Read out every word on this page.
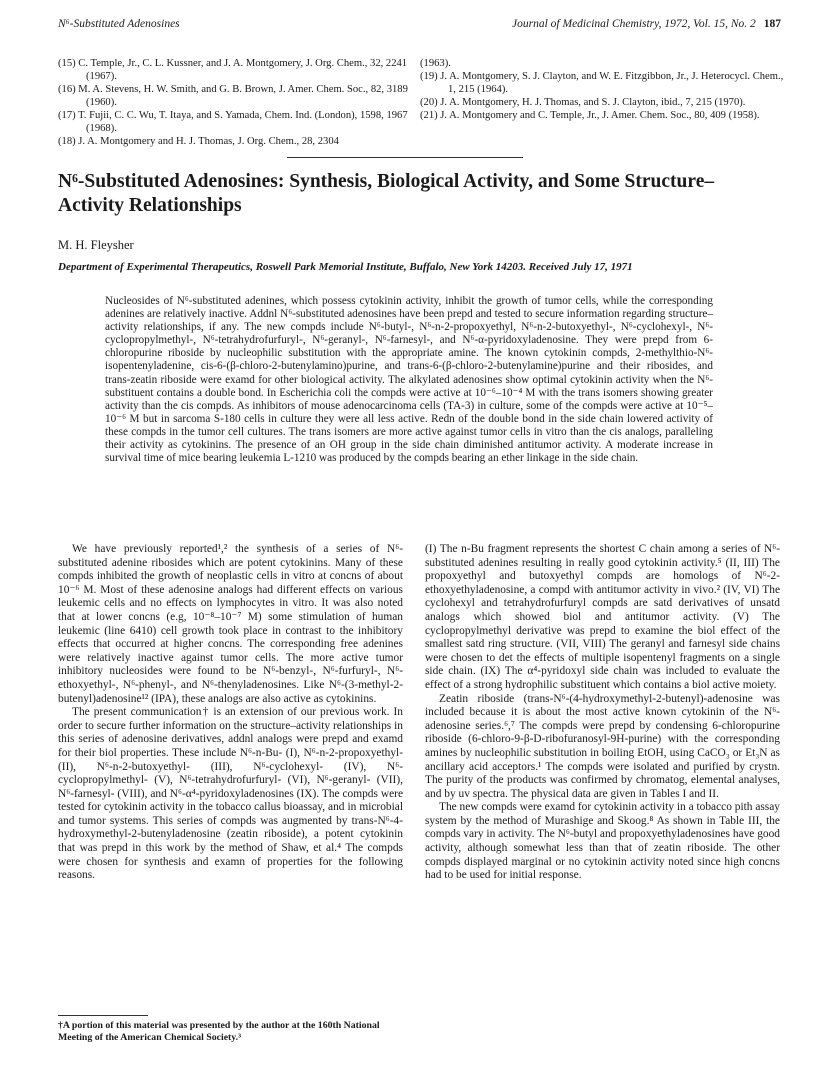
N⁶-Substituted Adenosines	Journal of Medicinal Chemistry, 1972, Vol. 15, No. 2 187

(15) C. Temple, Jr., C. L. Kussner, and J. A. Montgomery, J. Org. Chem., 32, 2241 (1967).

(16) M. A. Stevens, H. W. Smith, and G. B. Brown, J. Amer. Chem. Soc., 82, 3189 (1960).

(17) T. Fujii, C. C. Wu, T. Itaya, and S. Yamada, Chem. Ind. (London), 1598, 1967 (1968).

(18) J. A. Montgomery and H. J. Thomas, J. Org. Chem., 28, 2304

(1963).

(19) J. A. Montgomery, S. J. Clayton, and W. E. Fitzgibbon, Jr., J. Heterocycl. Chem., 1, 215 (1964).

(20) J. A. Montgomery, H. J. Thomas, and S. J. Clayton, ibid., 7, 215 (1970).

(21) J. A. Montgomery and C. Temple, Jr., J. Amer. Chem. Soc., 80, 409 (1958).

N⁶-Substituted Adenosines: Synthesis, Biological Activity, and Some Structure–Activity Relationships
M. H. Fleysher
Department of Experimental Therapeutics, Roswell Park Memorial Institute, Buffalo, New York 14203. Received July 17, 1971
Nucleosides of N⁶-substituted adenines, which possess cytokinin activity, inhibit the growth of tumor cells, while the corresponding adenines are relatively inactive. Addnl N⁶-substituted adenosines have been prepd and tested to secure information regarding structure–activity relationships, if any. The new compds include N⁶-butyl-, N⁶-n-2-propoxyethyl, N⁶-n-2-butoxyethyl-, N⁶-cyclohexyl-, N⁶-cyclopropylmethyl-, N⁶-tetrahydrofurfuryl-, N⁶-geranyl-, N⁶-farnesyl-, and N⁶-α-pyridoxyladenosine. They were prepd from 6-chloropurine riboside by nucleophilic substitution with the appropriate amine. The known cytokinin compds, 2-methylthio-N⁶-isopentenyladenine, cis-6-(β-chloro-2-butenylamino)purine, and trans-6-(β-chloro-2-butenylamine)purine and their ribosides, and trans-zeatin riboside were examd for other biological activity. The alkylated adenosines show optimal cytokinin activity when the N⁶-substituent contains a double bond. In Escherichia coli the compds were active at 10⁻⁶–10⁻⁴ M with the trans isomers showing greater activity than the cis compds. As inhibitors of mouse adenocarcinoma cells (TA-3) in culture, some of the compds were active at 10⁻⁵–10⁻⁶ M but in sarcoma S-180 cells in culture they were all less active. Redn of the double bond in the side chain lowered activity of these compds in the tumor cell cultures. The trans isomers are more active against tumor cells in vitro than the cis analogs, paralleling their activity as cytokinins. The presence of an OH group in the side chain diminished antitumor activity. A moderate increase in survival time of mice bearing leukemia L-1210 was produced by the compds bearing an ether linkage in the side chain.

We have previously reported¹,² the synthesis of a series of N⁶-substituted adenine ribosides which are potent cytokinins. Many of these compds inhibited the growth of neoplastic cells in vitro at concns of about 10⁻⁶ M. Most of these adenosine analogs had different effects on various leukemic cells and no effects on lymphocytes in vitro. It was also noted that at lower concns (e.g, 10⁻⁸–10⁻⁷ M) some stimulation of human leukemic (line 6410) cell growth took place in contrast to the inhibitory effects that occurred at higher concns. The corresponding free adenines were relatively inactive against tumor cells. The more active tumor inhibitory nucleosides were found to be N⁶-benzyl-, N⁶-furfuryl-, N⁶-ethoxyethyl-, N⁶-phenyl-, and N⁶-thenyladenosines. Like N⁶-(3-methyl-2-butenyl)adenosine¹² (IPA), these analogs are also active as cytokinins.

The present communication† is an extension of our previous work. In order to secure further information on the structure–activity relationships in this series of adenosine derivatives, addnl analogs were prepd and examd for their biol properties. These include N⁶-n-Bu- (I), N⁶-n-2-propoxyethyl- (II), N⁶-n-2-butoxyethyl- (III), N⁶-cyclohexyl- (IV), N⁶-cyclopropylmethyl- (V), N⁶-tetrahydrofurfuryl- (VI), N⁶-geranyl- (VII), N⁶-farnesyl- (VIII), and N⁶-α⁴-pyridoxyladenosines (IX). The compds were tested for cytokinin activity in the tobacco callus bioassay, and in microbial and tumor systems. This series of compds was augmented by trans-N⁶-4-hydroxymethyl-2-butenyladenosine (zeatin riboside), a potent cytokinin that was prepd in this work by the method of Shaw, et al.⁴ The compds were chosen for synthesis and examn of properties for the following reasons.

(I) The n-Bu fragment represents the shortest C chain among a series of N⁶-substituted adenines resulting in really good cytokinin activity.⁵ (II, III) The propoxyethyl and butoxyethyl compds are homologs of N⁶-2-ethoxyethyladenosine, a compd with antitumor activity in vivo.² (IV, VI) The cyclohexyl and tetrahydrofurfuryl compds are satd derivatives of unsatd analogs which showed biol and antitumor activity. (V) The cyclopropylmethyl derivative was prepd to examine the biol effect of the smallest satd ring structure. (VII, VIII) The geranyl and farnesyl side chains were chosen to det the effects of multiple isopentenyl fragments on a single side chain. (IX) The α⁴-pyridoxyl side chain was included to evaluate the effect of a strong hydrophilic substituent which contains a biol active moiety.

Zeatin riboside (trans-N⁶-(4-hydroxymethyl-2-butenyl)-adenosine was included because it is about the most active known cytokinin of the N⁶-adenosine series.⁶,⁷ The compds were prepd by condensing 6-chloropurine riboside (6-chloro-9-β-D-ribofuranosyl-9H-purine) with the corresponding amines by nucleophilic substitution in boiling EtOH, using CaCO₃ or Et₃N as ancillary acid acceptors.¹ The compds were isolated and purified by crystn. The purity of the products was confirmed by chromatog, elemental analyses, and by uv spectra. The physical data are given in Tables I and II.

The new compds were examd for cytokinin activity in a tobacco pith assay system by the method of Murashige and Skoog.⁸ As shown in Table III, the compds vary in activity. The N⁶-butyl and propoxyethyladenosines have good activity, although somewhat less than that of zeatin riboside. The other compds displayed marginal or no cytokinin activity noted since high concns had to be used for initial response.

†A portion of this material was presented by the author at the 160th National Meeting of the American Chemical Society.³
